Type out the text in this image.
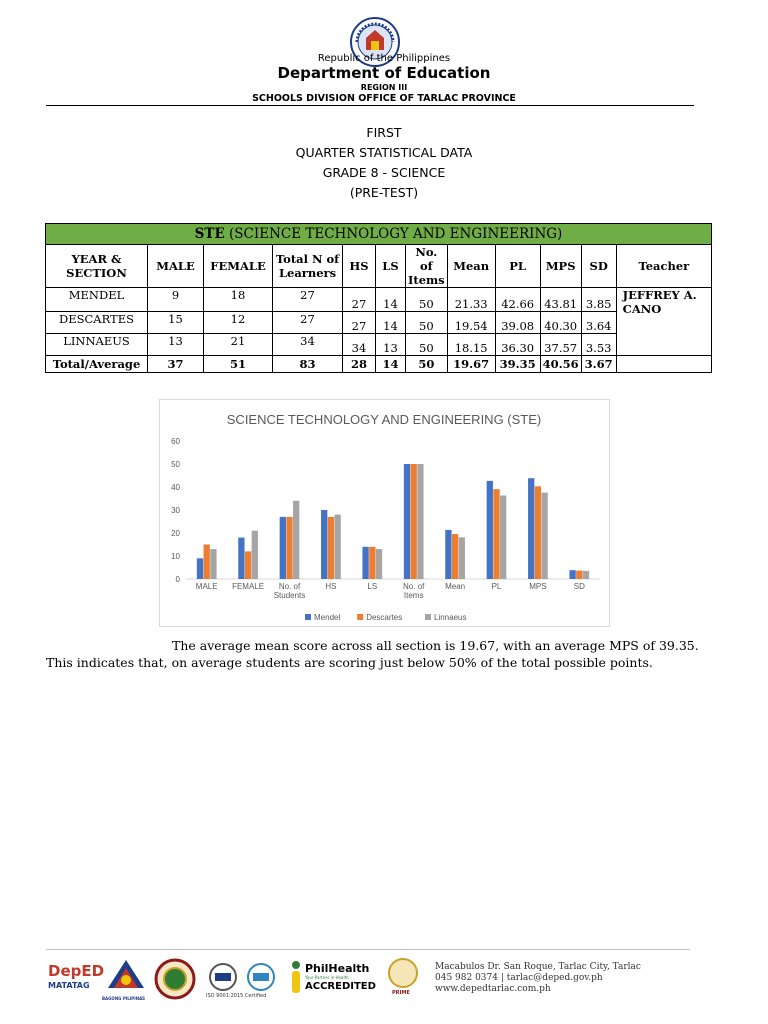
Republic of the Philippines
Department of Education
REGION III
SCHOOLS DIVISION OFFICE OF TARLAC PROVINCE
FIRST
QUARTER STATISTICAL DATA
GRADE 8 - SCIENCE
(PRE-TEST)
STE (SCIENCE TECHNOLOGY AND ENGINEERING)											
YEAR & SECTION	MALE	FEMALE	Total N of Learners	HS	LS	No. of Items	Mean	PL	MPS	SD	Teacher
MENDEL	9	18	27	27	14	50	21.33	42.66	43.81	3.85	JEFFREY A. CANO
DESCARTES	15	12	27	27	14	50	19.54	39.08	40.30	3.64	
LINNAEUS	13	21	34	34	13	50	18.15	36.30	37.57	3.53	
Total/Average	37	51	83	28	14	50	19.67	39.35	40.56	3.67	
SCIENCE TECHNOLOGY AND ENGINEERING (STE)
0
10
20
30
40
50
60
MALE FEMALE No. of
Students
HS	LS	No. of
Items
Mean	PL	MPS	SD
Mendel	Descartes	Linnaeus
The average mean score across all section is 19.67, with an average MPS of 39.35. This indicates that, on average students are scoring just below 50% of the total possible points.
DepED
MATATAG
BAGONG PILIPINAS	ISO 9001:2015 Certified
PhilHealth
Your Partner in Health
ACCREDITED
PRIME
Macabulos Dr. San Roque, Tarlac City, Tarlac
045 982 0374 | tarlac@deped.gov.ph
www.depedtarlac.com.ph
